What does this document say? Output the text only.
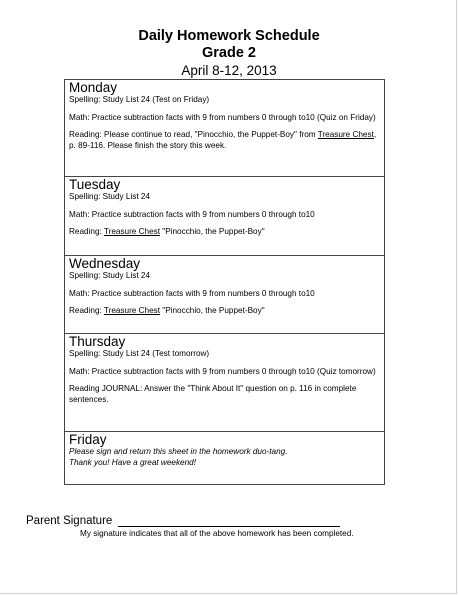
Daily Homework Schedule
Grade 2
April 8-12, 2013
Monday

Spelling: Study List 24 (Test on Friday)

Math: Practice subtraction facts with 9 from numbers 0 through to10 (Quiz on Friday)

Reading: Please continue to read, "Pinocchio, the Puppet-Boy" from Treasure Chest, p. 89-116. Please finish the story this week.

Tuesday

Spelling: Study List 24

Math: Practice subtraction facts with 9 from numbers 0 through to10

Reading: Treasure Chest "Pinocchio, the Puppet-Boy"

Wednesday

Spelling: Study List 24

Math: Practice subtraction facts with 9 from numbers 0 through to10

Reading: Treasure Chest "Pinocchio, the Puppet-Boy"

Thursday

Spelling: Study List 24 (Test tomorrow)

Math: Practice subtraction facts with 9 from numbers 0 through to10 (Quiz tomorrow)

Reading JOURNAL: Answer the "Think About It" question on p. 116 in complete sentences.

Friday

Please sign and return this sheet in the homework duo-tang.

Thank you! Have a great weekend!

Parent Signature
My signature indicates that all of the above homework has been completed.
